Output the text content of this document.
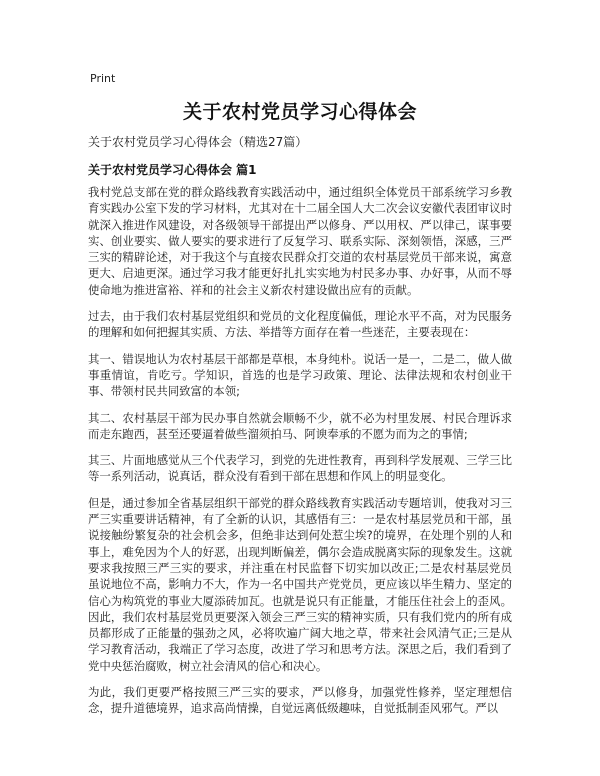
Print
关于农村党员学习心得体会
关于农村党员学习心得体会（精选27篇）
关于农村党员学习心得体会 篇1

我村党总支部在党的群众路线教育实践活动中，通过组织全体党员干部系统学习乡教育实践办公室下发的学习材料，尤其对在十二届全国人大二次会议安徽代表团审议时就深入推进作风建设，对各级领导干部提出严以修身、严以用权、严以律己，谋事要实、创业要实、做人要实的要求进行了反复学习、联系实际、深刻领悟，深感，三严三实的精辟论述，对于我这个与直接农民群众打交道的农村基层党员干部来说，寓意更大、启迪更深。通过学习我才能更好扎扎实实地为村民多办事、办好事，从而不辱使命地为推进富裕、祥和的社会主义新农村建设做出应有的贡献。

过去，由于我们农村基层党组织和党员的文化程度偏低，理论水平不高，对为民服务的理解和如何把握其实质、方法、举措等方面存在着一些迷茫，主要表现在：

其一、错误地认为农村基层干部都是草根，本身纯朴。说话一是一，二是二，做人做事重情谊，肯吃亏。学知识，首选的也是学习政策、理论、法律法规和农村创业干事、带领村民共同致富的本领;

其二、农村基层干部为民办事自然就会顺畅不少，就不必为村里发展、村民合理诉求而走东跑西，甚至还要逼着做些溜须拍马、阿谀奉承的不愿为而为之的事情;

其三、片面地感觉从三个代表学习，到党的先进性教育，再到科学发展观、三学三比等一系列活动，说真话，群众没有看到干部在思想和作风上的明显变化。

但是，通过参加全省基层组织干部党的群众路线教育实践活动专题培训，使我对习三严三实重要讲话精神，有了全新的认识，其感悟有三：一是农村基层党员和干部，虽说接触纷繁复杂的社会机会多，但绝非达到何处惹尘埃?的境界，在处理个别的人和事上，难免因为个人的好恶，出现判断偏差，偶尔会造成脱离实际的现象发生。这就要求我按照三严三实的要求，并注重在村民监督下切实加以改正;二是农村基层党员虽说地位不高，影响力不大，作为一名中国共产党党员，更应该以毕生精力、坚定的信心为构筑党的事业大厦添砖加瓦。也就是说只有正能量，才能压住社会上的歪风。因此，我们农村基层党员更要深入领会三严三实的精神实质，只有我们党内的所有成员都形成了正能量的强劲之风，必将吹遍广阔大地之草，带来社会风清气正;三是从学习教育活动，我端正了学习态度，改进了学习和思考方法。深思之后，我们看到了党中央惩治腐败，树立社会清风的信心和决心。

为此，我们更要严格按照三严三实的要求，严以修身，加强党性修养，坚定理想信念，提升道德境界，追求高尚情操，自觉远离低级趣味，自觉抵制歪风邪气。严以
